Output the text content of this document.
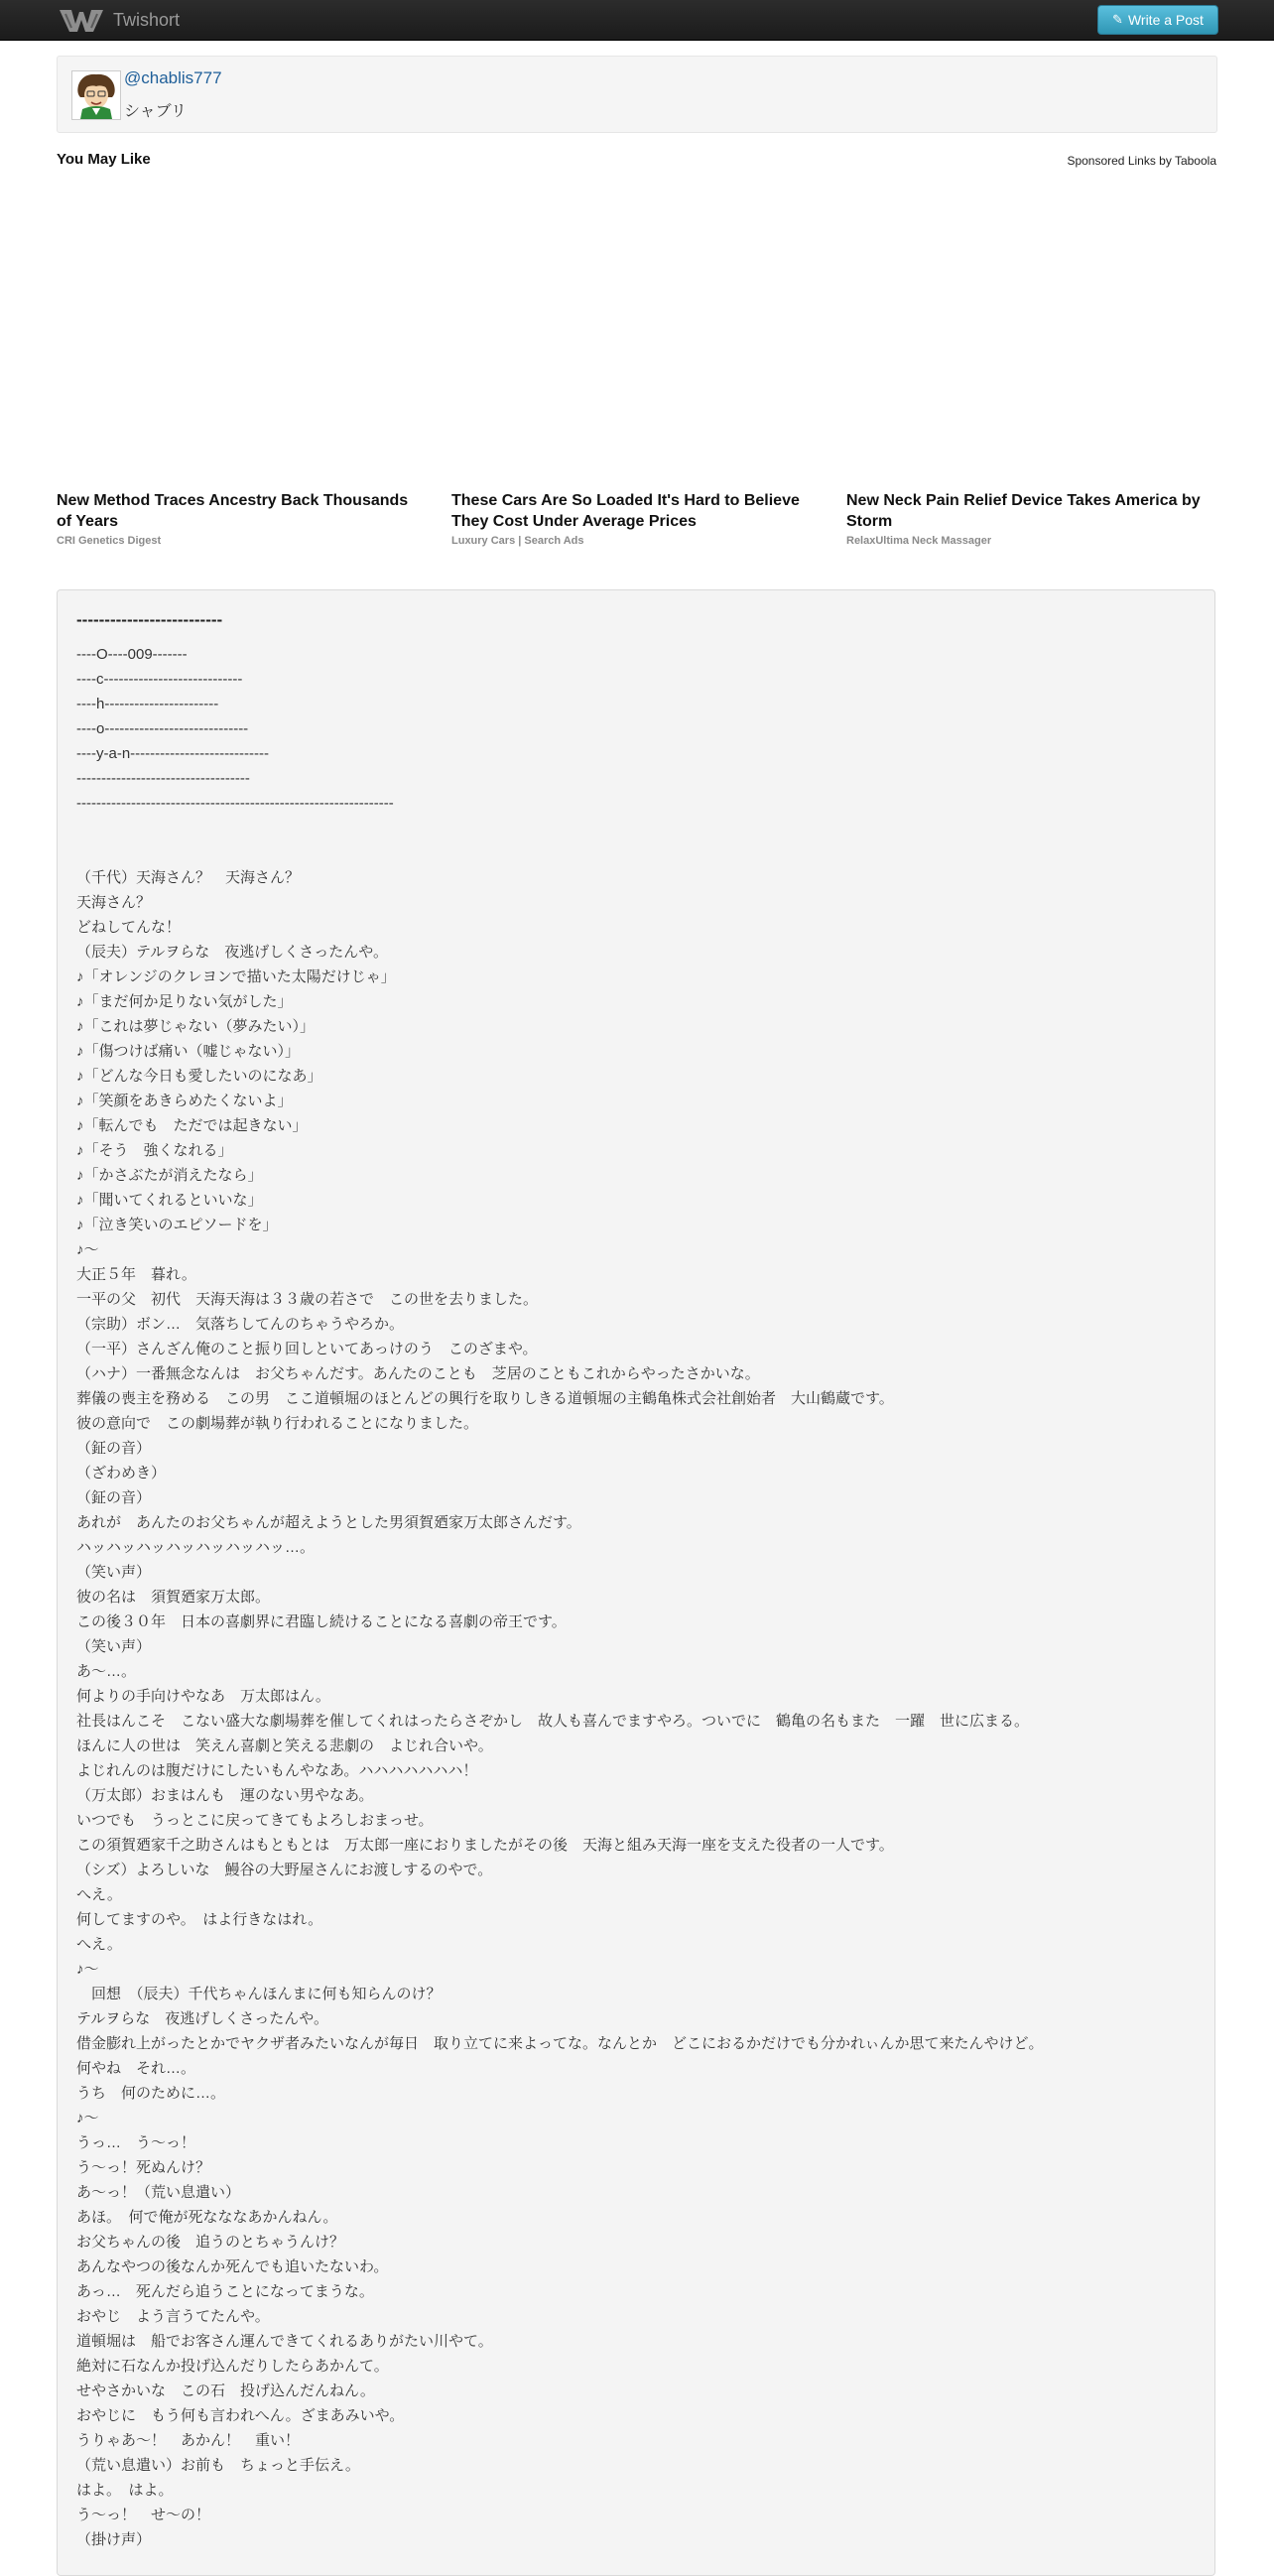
Twishort	✎ Write a Post
@chablis777
シャブリ
You May Like	Sponsored Links by Taboola
New Method Traces Ancestry Back Thousands of Years
CRI Genetics Digest
These Cars Are So Loaded It's Hard to Believe They Cost Under Average Prices
Luxury Cars | Search Ads
New Neck Pain Relief Device Takes America by Storm
RelaxUltima Neck Massager
--------------------------
----O----009-------
----c----------------------------
----h-----------------------
----o-----------------------------
----y-a-n----------------------------
-----------------------------------
----------------------------------------------------------------
（千代）天海さん？　天海さん？
天海さん？
どねしてんな！
（辰夫）テルヲらな　夜逃げしくさったんや。
♪「オレンジのクレヨンで描いた太陽だけじゃ」
♪「まだ何か足りない気がした」
♪「これは夢じゃない（夢みたい）」
♪「傷つけば痛い（嘘じゃない）」
♪「どんな今日も愛したいのになあ」
♪「笑顔をあきらめたくないよ」
♪「転んでも　ただでは起きない」
♪「そう　強くなれる」
♪「かさぶたが消えたなら」
♪「聞いてくれるといいな」
♪「泣き笑いのエピソードを」
♪～
大正５年　暮れ。
一平の父　初代　天海天海は３３歳の若さで　この世を去りました。
（宗助）ボン…　気落ちしてんのちゃうやろか。
（一平）さんざん俺のこと振り回しといてあっけのう　このざまや。
（ハナ）一番無念なんは　お父ちゃんだす。あんたのことも　芝居のこともこれからやったさかいな。
葬儀の喪主を務める　この男　ここ道頓堀のほとんどの興行を取りしきる道頓堀の主鶴亀株式会社創始者　大山鶴蔵です。
彼の意向で　この劇場葬が執り行われることになりました。
（鉦の音）
（ざわめき）
（鉦の音）
あれが　あんたのお父ちゃんが超えようとした男須賀廼家万太郎さんだす。
ハッハッハッハッハッハッハッ…。
（笑い声）
彼の名は　須賀廼家万太郎。
この後３０年　日本の喜劇界に君臨し続けることになる喜劇の帝王です。
（笑い声）
あ～…。
何よりの手向けやなあ　万太郎はん。
社長はんこそ　こない盛大な劇場葬を催してくれはったらさぞかし　故人も喜んでますやろ。ついでに　鶴亀の名もまた　一躍　世に広まる。
ほんに人の世は　笑えん喜劇と笑える悲劇の　よじれ合いや。
よじれんのは腹だけにしたいもんやなあ。ハハハハハハハ！
（万太郎）おまはんも　運のない男やなあ。
いつでも　うっとこに戻ってきてもよろしおまっせ。
この須賀廼家千之助さんはもともとは　万太郎一座におりましたがその後　天海と組み天海一座を支えた役者の一人です。
（シズ）よろしいな　鰻谷の大野屋さんにお渡しするのやで。
へえ。
何してますのや。　はよ行きなはれ。
へえ。
♪～
　回想　（辰夫）千代ちゃんほんまに何も知らんのけ？
テルヲらな　夜逃げしくさったんや。
借金膨れ上がったとかでヤクザ者みたいなんが毎日　取り立てに来よってな。なんとか　どこにおるかだけでも分かれぃんか思て来たんやけど。
何やね　それ…。
うち　何のために…。
♪～
うっ…　う～っ！
う～っ！死ぬんけ？
あ～っ！（荒い息遣い）
あほ。　何で俺が死なななあかんねん。
お父ちゃんの後　追うのとちゃうんけ？
あんなやつの後なんか死んでも追いたないわ。
あっ…　死んだら追うことになってまうな。
おやじ　よう言うてたんや。
道頓堀は　船でお客さん運んできてくれるありがたい川やて。
絶対に石なんか投げ込んだりしたらあかんて。
せやさかいな　この石　投げ込んだんねん。
おやじに　もう何も言われへん。ざまあみいや。
うりゃあ～！　あかん！　重い！
（荒い息遣い）お前も　ちょっと手伝え。
はよ。　はよ。
う～っ！　せ～の！
（掛け声）
